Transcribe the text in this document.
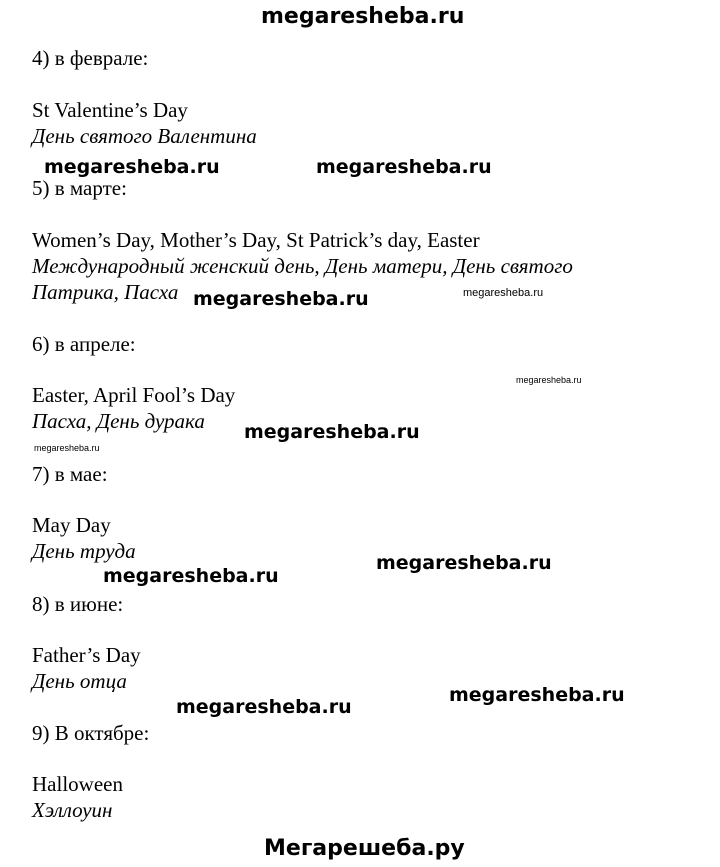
megaresheba.ru
4) в феврале:
St Valentine’s Day
День святого Валентина
megaresheba.ru	megaresheba.ru
5) в марте:
Women’s Day, Mother’s Day, St Patrick’s day, Easter
Международный женский день, День матери, День святого
Патрика, Пасха megaresheba.ru	megaresheba.ru
6) в апреле:
megaresheba.ru
Easter, April Fool’s Day
Пасха, День дурака megaresheba.ru
megaresheba.ru
7) в мае:
May Day
День труда	megaresheba.ru
megaresheba.ru
8) в июне:
Father’s Day
День отца
megaresheba.ru
megaresheba.ru
9) В октябре:
Halloween
Хэллоуин
Мегарешеба.ру
